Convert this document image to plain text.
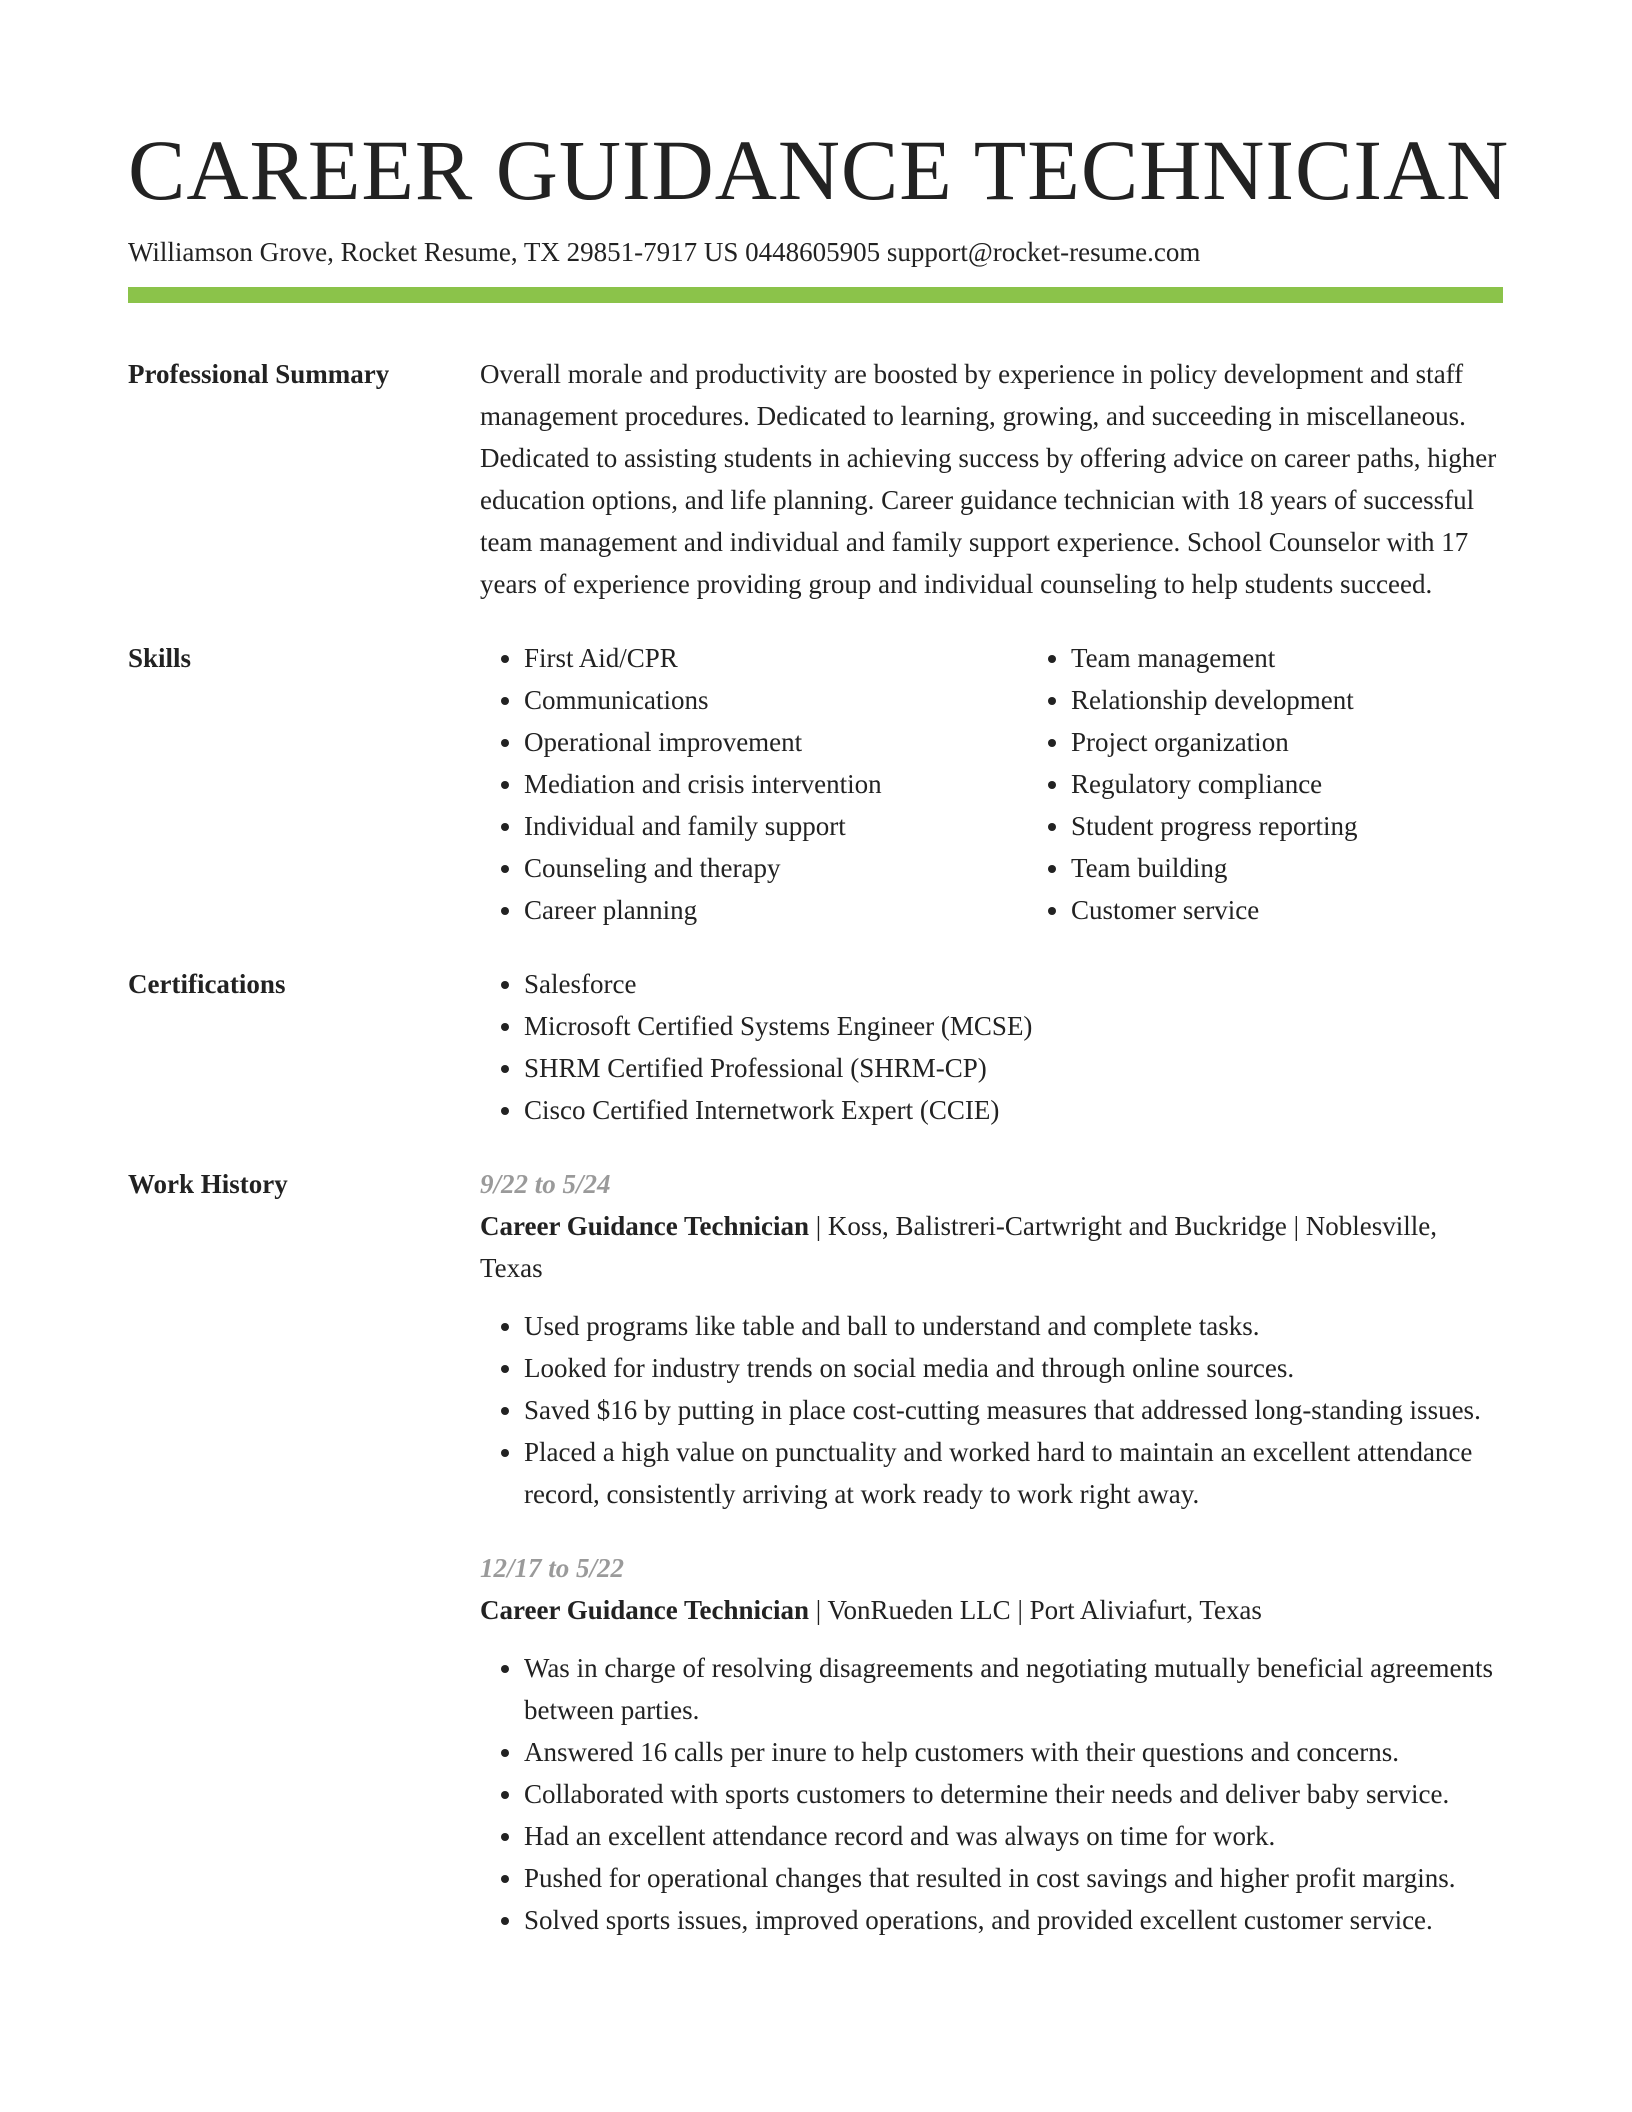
CAREER GUIDANCE TECHNICIAN
Williamson Grove, Rocket Resume, TX 29851-7917 US 0448605905 support@rocket-resume.com
Professional Summary	Overall morale and productivity are boosted by experience in policy development and staff management procedures. Dedicated to learning, growing, and succeeding in miscellaneous. Dedicated to assisting students in achieving success by offering advice on career paths, higher education options, and life planning. Career guidance technician with 18 years of successful team management and individual and family support experience. School Counselor with 17 years of experience providing group and individual counseling to help students succeed.
Skills	• First Aid/CPR
• Communications
• Operational improvement
• Mediation and crisis intervention
• Individual and family support
• Counseling and therapy
• Career planning
• Team management
• Relationship development
• Project organization
• Regulatory compliance
• Student progress reporting
• Team building
• Customer service
Certifications	• Salesforce
• Microsoft Certified Systems Engineer (MCSE)
• SHRM Certified Professional (SHRM-CP)
• Cisco Certified Internetwork Expert (CCIE)
Work History	9/22 to 5/24
Career Guidance Technician | Koss, Balistreri-Cartwright and Buckridge | Noblesville, Texas
• Used programs like table and ball to understand and complete tasks.
• Looked for industry trends on social media and through online sources.
• Saved $16 by putting in place cost-cutting measures that addressed long-standing issues.
• Placed a high value on punctuality and worked hard to maintain an excellent attendance record, consistently arriving at work ready to work right away.
12/17 to 5/22
Career Guidance Technician | VonRueden LLC | Port Aliviafurt, Texas
• Was in charge of resolving disagreements and negotiating mutually beneficial agreements between parties.
• Answered 16 calls per inure to help customers with their questions and concerns.
• Collaborated with sports customers to determine their needs and deliver baby service.
• Had an excellent attendance record and was always on time for work.
• Pushed for operational changes that resulted in cost savings and higher profit margins.
• Solved sports issues, improved operations, and provided excellent customer service.
